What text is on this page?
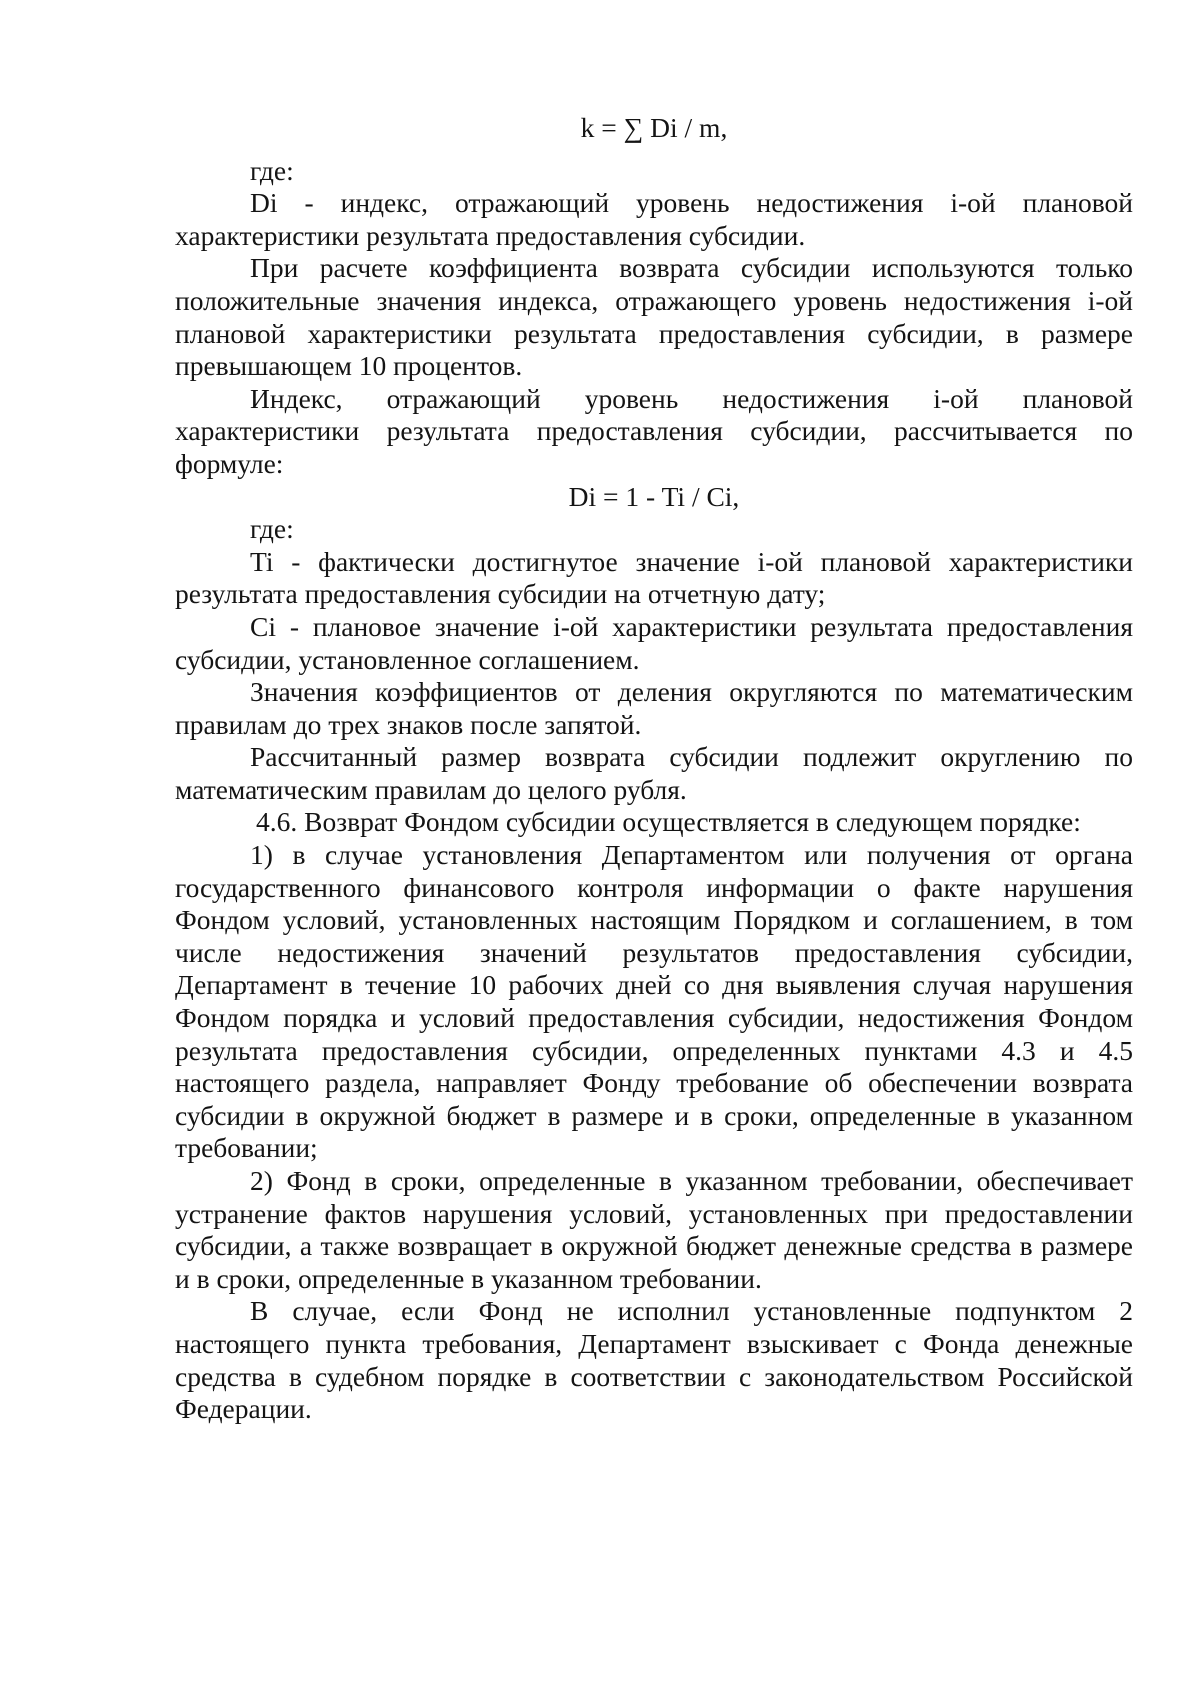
k = ∑ Di / m,

где:

Di - индекс, отражающий уровень недостижения i-ой плановой характеристики результата предоставления субсидии.

При расчете коэффициента возврата субсидии используются только положительные значения индекса, отражающего уровень недостижения i-ой плановой характеристики результата предоставления субсидии, в размере превышающем 10 процентов.

Индекс, отражающий уровень недостижения i-ой плановой характеристики результата предоставления субсидии, рассчитывается по формуле:

Di = 1 - Ti / Ci,

где:

Ti - фактически достигнутое значение i-ой плановой характеристики результата предоставления субсидии на отчетную дату;

Ci - плановое значение i-ой характеристики результата предоставления субсидии, установленное соглашением.

Значения коэффициентов от деления округляются по математическим правилам до трех знаков после запятой.

Рассчитанный размер возврата субсидии подлежит округлению по математическим правилам до целого рубля.

4.6. Возврат Фондом субсидии осуществляется в следующем порядке:

1) в случае установления Департаментом или получения от органа государственного финансового контроля информации о факте нарушения Фондом условий, установленных настоящим Порядком и соглашением, в том числе недостижения значений результатов предоставления субсидии, Департамент в течение 10 рабочих дней со дня выявления случая нарушения Фондом порядка и условий предоставления субсидии, недостижения Фондом результата предоставления субсидии, определенных пунктами 4.3 и 4.5 настоящего раздела, направляет Фонду требование об обеспечении возврата субсидии в окружной бюджет в размере и в сроки, определенные в указанном требовании;

2) Фонд в сроки, определенные в указанном требовании, обеспечивает устранение фактов нарушения условий, установленных при предоставлении субсидии, а также возвращает в окружной бюджет денежные средства в размере и в сроки, определенные в указанном требовании.

В случае, если Фонд не исполнил установленные подпунктом 2 настоящего пункта требования, Департамент взыскивает с Фонда денежные средства в судебном порядке в соответствии с законодательством Российской Федерации.
